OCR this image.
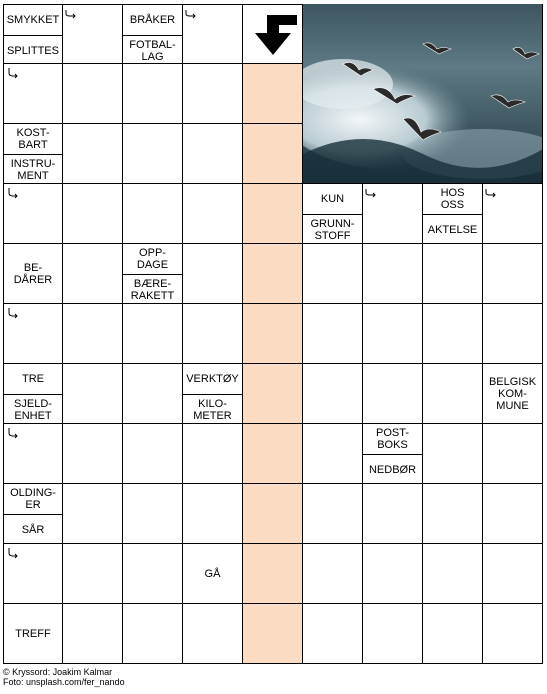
SMYKKET
SPLITTES
BRÅKER
FOTBAL-
LAG
KOST-
BART
INSTRU-
MENT
KUN
GRUNN-
STOFF
HOS
OSS
AKTELSE
BE-
DÅRER
OPP-
DAGE
BÆRE-
RAKETT
TRE
SJELD-
ENHET
VERKTØY
KILO-
METER
BELGISK
KOM-
MUNE
POST-
BOKS
NEDBØR
OLDING-
ER
SÅR
GÅ
TREFF
© Kryssord: Joakim Kalmar
Foto: unsplash.com/fer_nando
